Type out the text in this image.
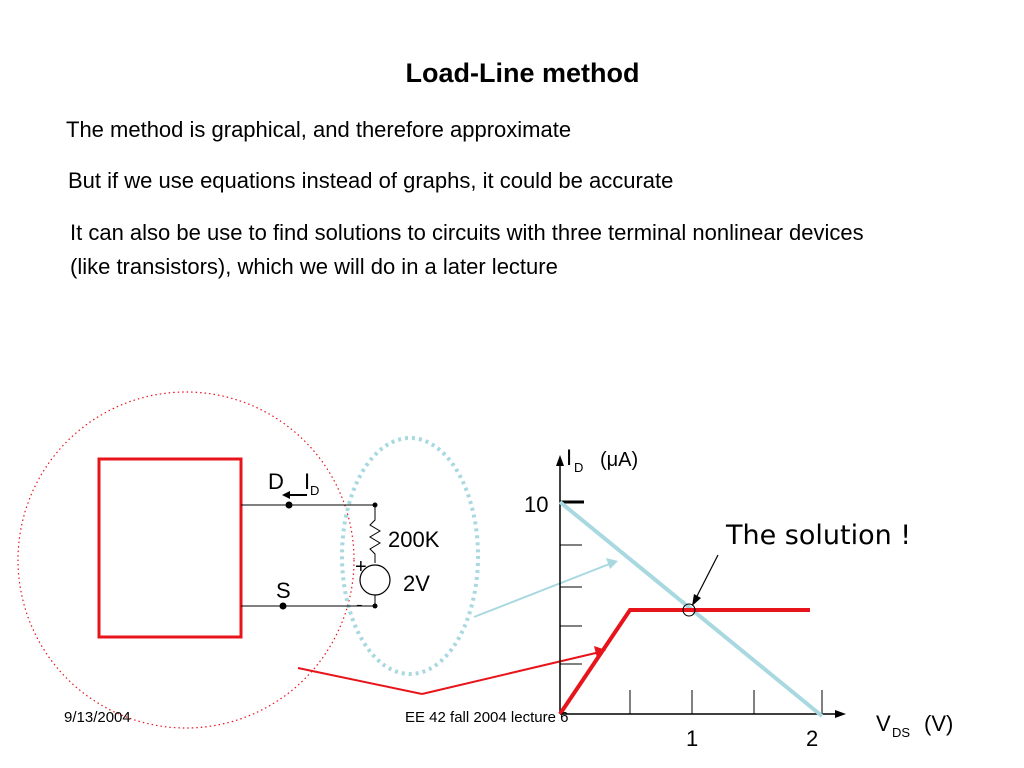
Load-Line method
The method is graphical, and therefore approximate
But if we use equations instead of graphs, it could be accurate
It can also be use to find solutions to circuits with three terminal nonlinear devices (like transistors), which we will do in a later lecture
D I D
S
200K
2V
+
-
I D (μA)
10
V DS (V)
1	2
The solution !
9/13/2004	EE 42 fall 2004 lecture 6
